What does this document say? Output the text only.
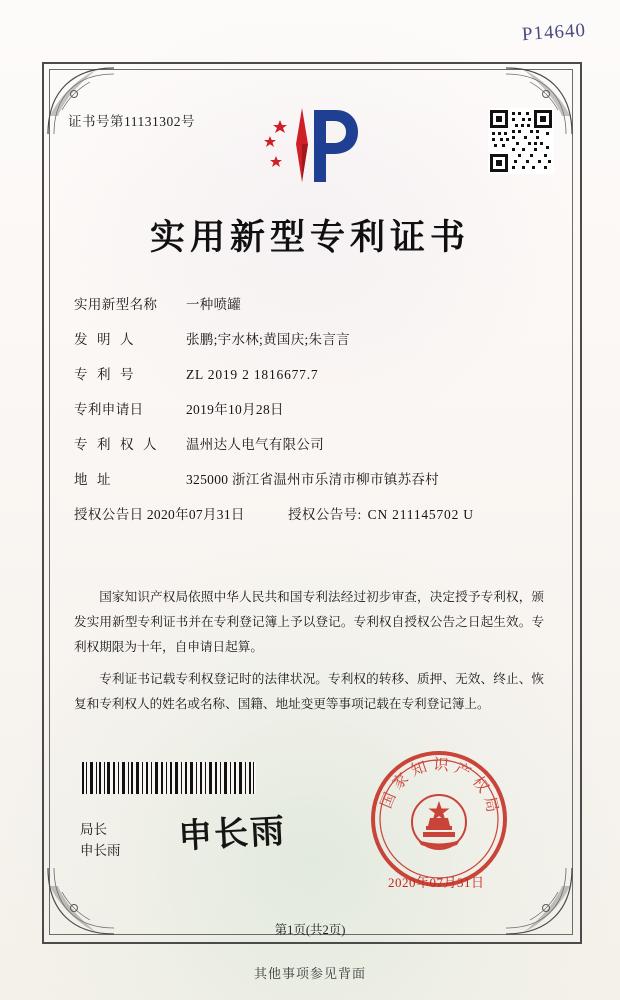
P14640
证书号第11131302号
实用新型专利证书
实用新型名称	一种喷罐
发明人	张鹏;宇水林;黄国庆;朱言言
专利号	ZL 2019 2 1816677.7
专利申请日	2019年10月28日
专利权人	温州达人电气有限公司
地址	325000 浙江省温州市乐清市柳市镇苏吞村
授权公告日 2020年07月31日	授权公告号: CN 211145702 U

国家知识产权局依照中华人民共和国专利法经过初步审查，决定授予专利权，颁发实用新型专利证书并在专利登记簿上予以登记。专利权自授权公告之日起生效。专利权期限为十年，自申请日起算。

专利证书记载专利权登记时的法律状况。专利权的转移、质押、无效、终止、恢复和专利权人的姓名或名称、国籍、地址变更等事项记载在专利登记簿上。

局长
申长雨 申长雨
国家知识产权局
2020年07月31日
第1页(共2页)
其他事项参见背面
